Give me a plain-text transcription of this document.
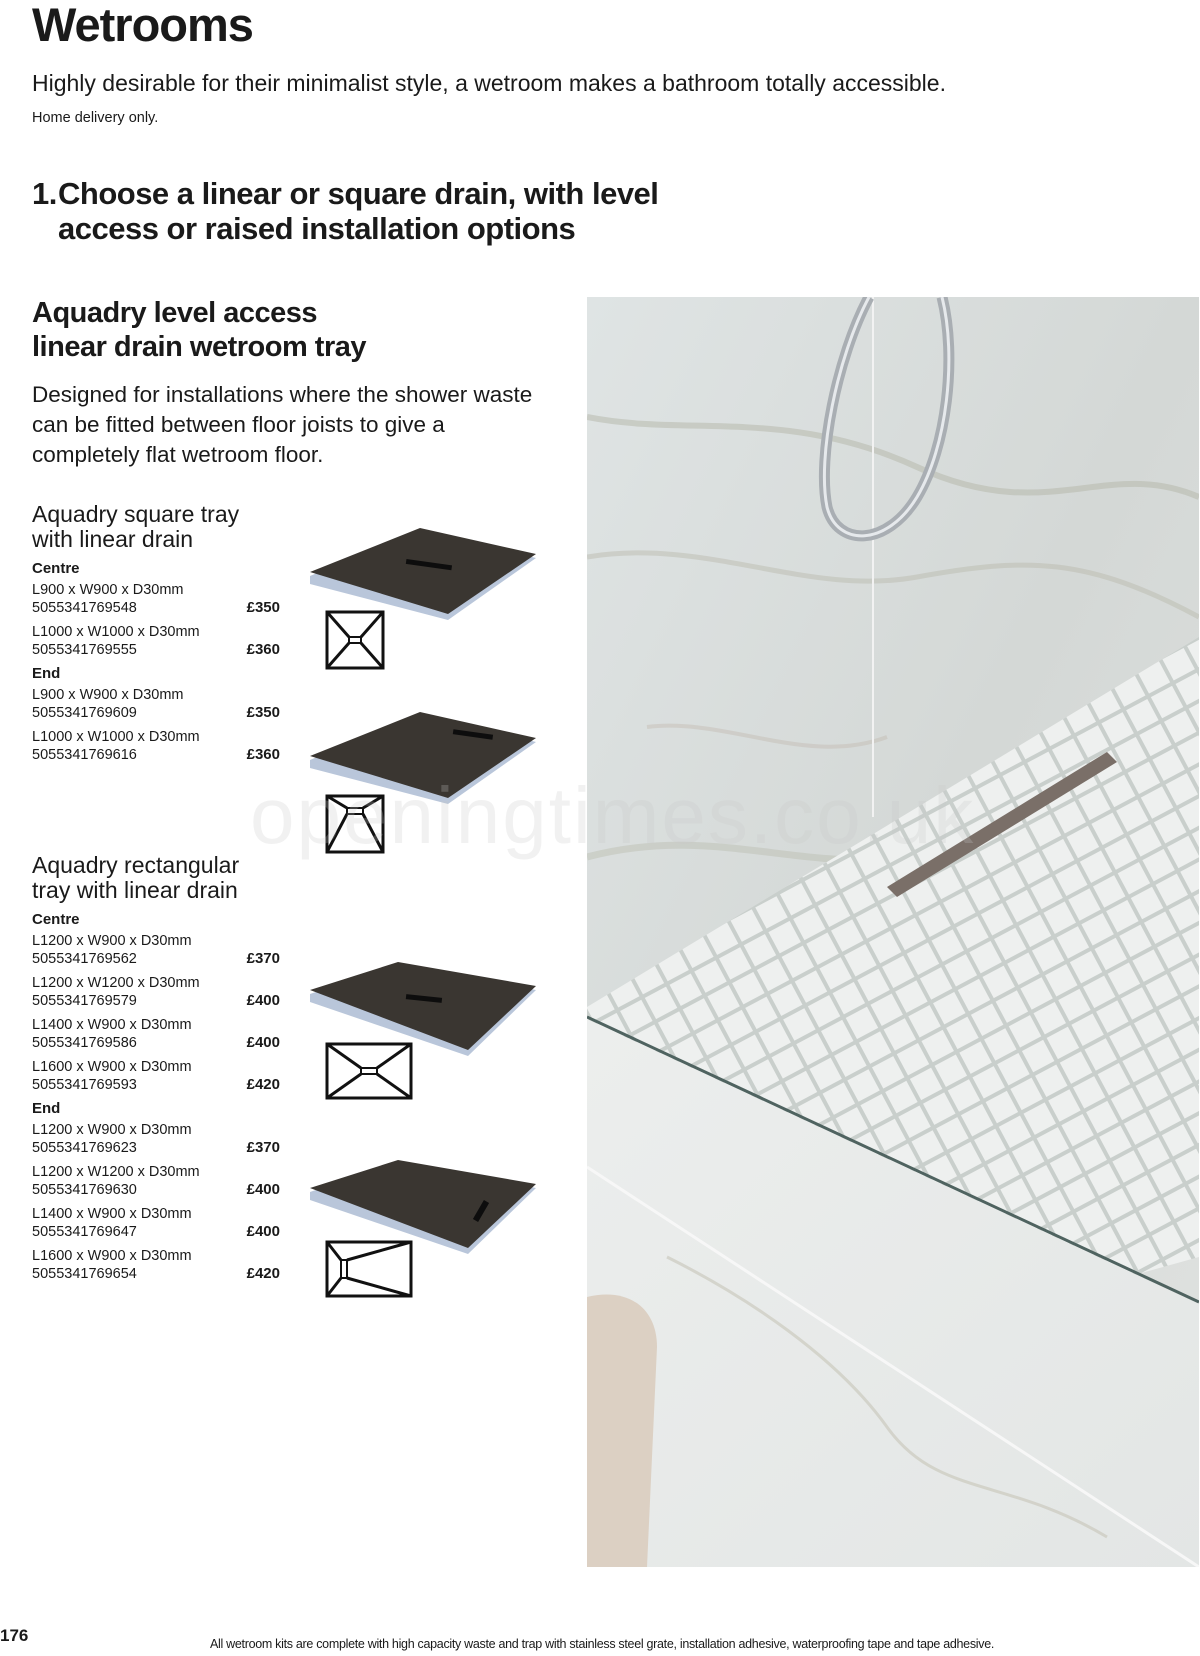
Wetrooms
Highly desirable for their minimalist style, a wetroom makes a bathroom totally accessible.
Home delivery only.
1.Choose a linear or square drain, with level
access or raised installation options
Aquadry level access
linear drain wetroom tray
Designed for installations where the shower waste can be fitted between floor joists to give a completely flat wetroom floor.
Aquadry square tray
with linear drain
Centre
L900 x W900 x D30mm
5055341769548	£350
L1000 x W1000 x D30mm
5055341769555	£360
End
L900 x W900 x D30mm
5055341769609	£350
L1000 x W1000 x D30mm
5055341769616	£360
Aquadry rectangular
tray with linear drain
Centre
L1200 x W900 x D30mm
5055341769562	£370
L1200 x W1200 x D30mm
5055341769579	£400
L1400 x W900 x D30mm
5055341769586	£400
L1600 x W900 x D30mm
5055341769593	£420
End
L1200 x W900 x D30mm
5055341769623	£370
L1200 x W1200 x D30mm
5055341769630	£400
L1400 x W900 x D30mm
5055341769647	£400
L1600 x W900 x D30mm
5055341769654	£420
openingtimes.co.uk
176	All wetroom kits are complete with high capacity waste and trap with stainless steel grate, installation adhesive, waterproofing tape and tape adhesive.
